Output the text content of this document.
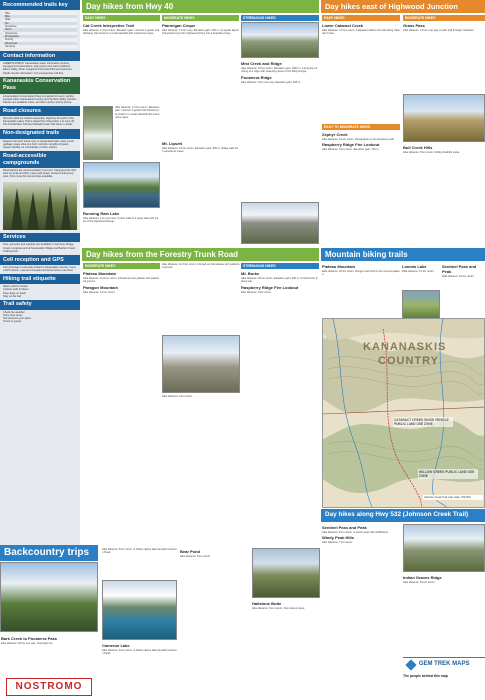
Recommended trails key
Hike
Bike
Walk
Ski
Snowshoe
Horse
Interpretive
Photography
Fishing
Wheelchair
Camping
Contact information
ALBERTA PARKS: Kananaskis visitor information centres, campground reservations, trail reports and road conditions. Elbow Valley, Peter Lougheed Provincial Park and Canmore Nordic Centre information. For emergencies call 911.
Kananaskis Conservation Pass
A Kananaskis Conservation Pass is required for every vehicle stopped within Kananaskis Country and the Bow Valley Corridor. Passes are available online, at visitor centres and by phone.
Road closures
Several roads are closed seasonally. Highway 40 south of the Kananaskis Lakes Trail is closed from December 1 to June 15. The Powderface Trail and Sibbald Creek Trail close in winter.
Non-designated trails
Respect the land: travel only on designated trails; pack out all garbage; leave what you find; minimize campfire impacts; respect wildlife; be considerate of other visitors.
Road-accessible campgrounds
Reservations are recommended in summer. Campgrounds offer sites for tents and RVs, many with power, showers and group sites. First come first served sites available.
Services
Fuel, groceries and supplies are available in Canmore, Bragg Creek, Longview and at Kananaskis Village and Boulton Creek Trading Post.
Cell reception and GPS
Cell coverage is extremely limited in Kananaskis Country. Carry a GPS device, map and compass and know how to use them.
Hiking trail etiquette
Hikers yield to horses
Cyclists yield to hikers
Keep dogs on leash
Stay on the trail
Trail safety
Check the weather
Carry bear spray
Tell someone your plans
Travel in groups
Day hikes from Hwy 40
EASY HIKES
Cat Creek Interpretive Trail
Hike distance: 2.4 km return. Elevation gain: minimal. A gentle trail following Cat Creek to a small waterfall with interpretive signs.
Hike distance: 2.4 km return. Elevation gain: minimal. A gentle trail following Cat Creek to a small waterfall with interpretive signs.
Running Rain Lake
Hike distance: 1 km one way. A short walk to a pretty lake with views of the Highwood Range.
MODERATE HIKES
Ptarmigan Cirque
Hike distance: 4.5 km loop. Elevation gain: 230 m. A popular alpine interpretive loop from Highwood Pass into a beautiful cirque.
Mt. Lipsett
Hike distance: 10 km return. Elevation gain: 600 m. Ridge walk with panoramic views.
STRENUOUS HIKES
Mist Creek and Ridge
Hike distance: 23 km return. Elevation gain: 1060 m. A long day climbing to a ridge with sweeping views of the Misty Range.
Pocaterra Ridge
Hike distance: 9 km one way. Elevation gain: 825 m.
Day hikes east of Highwood Junction
EASY HIKES
Lower Cataract Creek
Hike distance: 4.5 km return. A pleasant walk to the falls along Cataract Creek.
EASY TO MODERATE HIKES
Zephyr Creek
Hike distance: 12 km return. Pictographs on the limestone wall.
Raspberry Ridge Fire Lookout
Hike distance: 9 km return. Elevation gain: 760 m.
MODERATE HIKES
Grass Pass
Hike distance: 4.5 km one way. A quiet trail through meadows.
Bull Creek Hills
Hike distance: 8 km return. Rolling foothills views.
Day hikes from the Forestry Trunk Road
MODERATE HIKES
Plateau Mountain
Hike distance: 11.5 km return. A broad summit plateau with patterned ground.
Paragon Mountain
Hike distance: 12 km return.
STRENUOUS HIKES
Mt. Burke
Hike distance: 20 km return. Elevation gain: 930 m. A historic fire lookout site.
Raspberry Ridge Fire Lookout
Hike distance: 9 km return.
Hike distance: 11.5 km return. A broad summit plateau with patterned ground.
Hike distance: 9 km return.
Mountain biking trails
Plateau Mountain
Ride distance: 20 km return. Rough road climb to the summit plateau.
Loomis Lake
Ride distance: 14 km return.
Sentinel Pass and Peak
Ride distance: 22 km return.
KANANASKIS
COUNTRY
CATARACT CREEK SNOW VEHICLE PUBLIC LAND USE ZONE
WILLOW CREEK PUBLIC LAND USE ZONE
Johnson Creek Trail map scale 1:50,000
Backcountry trips
Bark Creek to Pocaterra Pass
Hike distance: 18 km one way. Overnight trip.
NOSTROMO
Hike distance: 8 km return. A hidden alpine lake beneath Cameron Peak.
Cameron Lake
Hike distance: 8 km return. A hidden alpine lake beneath Cameron Peak.
Bear Pond
Hike distance: 5 km return.
Hailstone Butte
Hike distance: 6 km return. Fire lookout views.
Day hikes along Hwy 532 (Johnson Creek Trail)
Sentinel Pass and Peak
Hike distance: 8 km return. A scenic pass with wildflowers.
Windy Peak Hills
Hike distance: 7 km return.
Indian Graves Ridge
Hike distance: 10 km return.
GEM TREK MAPS
The people behind this map
